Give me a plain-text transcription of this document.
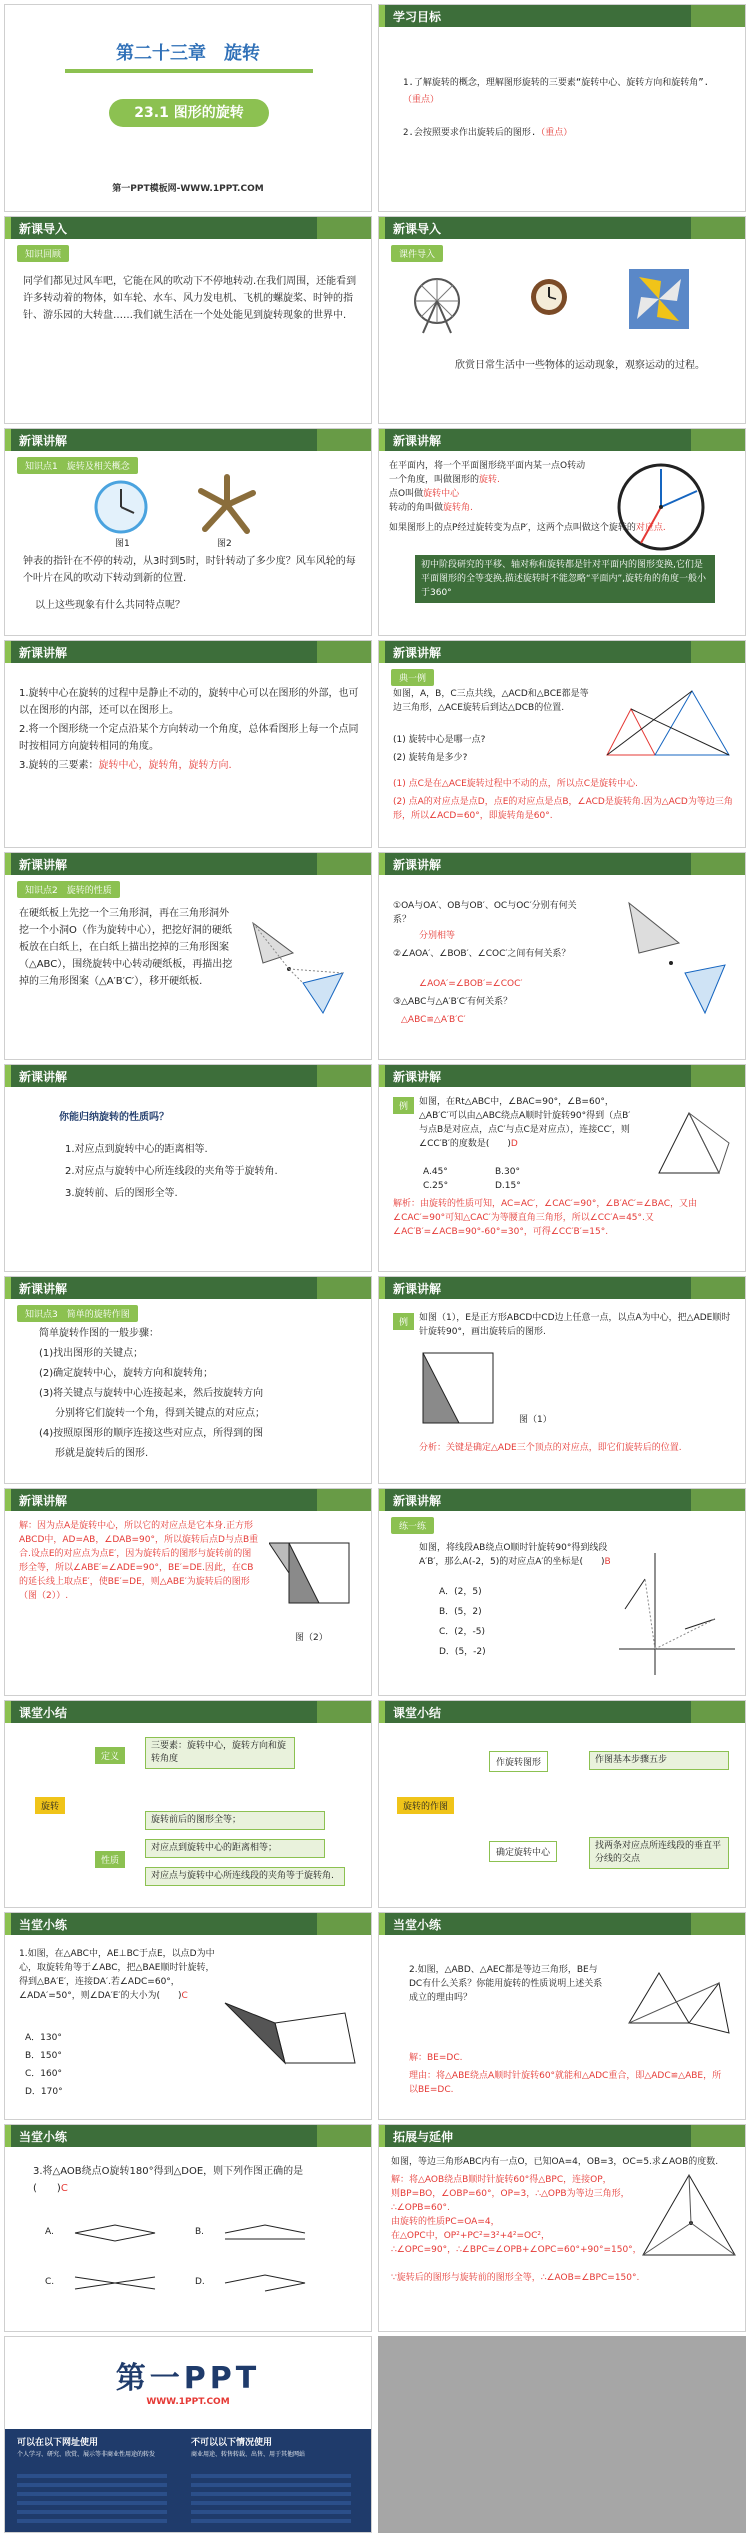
第二十三章　旋转
23.1 图形的旋转
第一PPT模板网-WWW.1PPT.COM
学习目标
1.了解旋转的概念，理解图形旋转的三要素“旋转中心、旋转方向和旋转角”.（重点）
2.会按照要求作出旋转后的图形.（重点）
新课导入
知识回顾
同学们都见过风车吧，它能在风的吹动下不停地转动.在我们周围，还能看到许多转动着的物体，如车轮、水车、风力发电机、飞机的螺旋桨、时钟的指针、游乐园的大转盘……我们就生活在一个处处能见到旋转现象的世界中.
新课导入
课件导入
欣赏日常生活中一些物体的运动现象，观察运动的过程。
新课讲解
知识点1　旋转及相关概念
图1	图2
钟表的指针在不停的转动，从3时到5时，时针转动了多少度？风车风轮的每个叶片在风的吹动下转动到新的位置.
以上这些现象有什么共同特点呢？
新课讲解
在平面内，将一个平面图形绕平面内某一点O转动一个角度，叫做图形的旋转.
点O叫做旋转中心
转动的角叫做旋转角.
如果图形上的点P经过旋转变为点P′，这两个点叫做这个旋转的对应点.
初中阶段研究的平移、轴对称和旋转都是针对平面内的图形变换,它们是平面图形的全等变换,描述旋转时不能忽略“平面内”,旋转角的角度一般小于360°
新课讲解
1.旋转中心在旋转的过程中是静止不动的，旋转中心可以在图形的外部，也可以在图形的内部，还可以在图形上。
2.将一个图形绕一个定点沿某个方向转动一个角度，总体看图形上每一个点同时按相同方向旋转相同的角度。
3.旋转的三要素：旋转中心，旋转角，旋转方向.
新课讲解
典一例
如图，A，B，C三点共线，△ACD和△BCE都是等边三角形，△ACE旋转后到达△DCB的位置.
(1) 旋转中心是哪一点?
(2) 旋转角是多少?
(1) 点C是在△ACE旋转过程中不动的点，所以点C是旋转中心.
(2) 点A的对应点是点D，点E的对应点是点B，∠ACD是旋转角.因为△ACD为等边三角形，所以∠ACD=60°，即旋转角是60°.
新课讲解
知识点2　旋转的性质
在硬纸板上先挖一个三角形洞，再在三角形洞外挖一个小洞O（作为旋转中心），把挖好洞的硬纸板放在白纸上，在白纸上描出挖掉的三角形图案（△ABC），围绕旋转中心转动硬纸板，再描出挖掉的三角形图案（△A′B′C′），移开硬纸板.
新课讲解
①OA与OA′、OB与OB′、OC与OC′分别有何关系？
分别相等
②∠AOA′、∠BOB′、∠COC′之间有何关系？
∠AOA′=∠BOB′=∠COC′
③△ABC与△A′B′C′有何关系？
△ABC≌△A′B′C′
新课讲解
你能归纳旋转的性质吗？
1.对应点到旋转中心的距离相等.
2.对应点与旋转中心所连线段的夹角等于旋转角.
3.旋转前、后的图形全等.
新课讲解
例	如图，在Rt△ABC中，∠BAC=90°，∠B=60°，△AB′C′可以由△ABC绕点A顺时针旋转90°得到（点B′与点B是对应点，点C′与点C是对应点），连接CC′，则∠CC′B′的度数是(　　)D
A.45°	B.30°
C.25°	D.15°
解析：由旋转的性质可知，AC=AC′，∠CAC′=90°，∠B′AC′=∠BAC，又由∠CAC′=90°可知△CAC′为等腰直角三角形，所以∠CC′A=45°.又∠AC′B′=∠ACB=90°-60°=30°，可得∠CC′B′=15°.
新课讲解
知识点3　简单的旋转作图
简单旋转作图的一般步骤：
(1)找出图形的关键点；
(2)确定旋转中心，旋转方向和旋转角；
(3)将关键点与旋转中心连接起来，然后按旋转方向
分别将它们旋转一个角，得到关键点的对应点；
(4)按照原图形的顺序连接这些对应点，所得到的图
形就是旋转后的图形.
新课讲解
例	如图（1），E是正方形ABCD中CD边上任意一点，以点A为中心，把△ADE顺时针旋转90°，画出旋转后的图形.
图（1）
分析：关键是确定△ADE三个顶点的对应点，即它们旋转后的位置.
新课讲解
解：因为点A是旋转中心，所以它的对应点是它本身.正方形ABCD中，AD=AB，∠DAB=90°，所以旋转后点D与点B重合.设点E的对应点为点E′，因为旋转后的图形与旋转前的图形全等，所以∠ABE′=∠ADE=90°，BE′=DE.因此，在CB的延长线上取点E′，使BE′=DE，则△ABE′为旋转后的图形（图（2））.
图（2）
新课讲解
练一练
如图，将线段AB绕点O顺时针旋转90°得到线段A′B′，那么A(-2，5)的对应点A′的坐标是(　　)B
A．(2，5)
B．(5，2)
C．(2，-5)
D．(5，-2)
课堂小结
旋转
定义
性质
三要素：旋转中心，旋转方向和旋转角度
旋转前后的图形全等；
对应点到旋转中心的距离相等；
对应点与旋转中心所连线段的夹角等于旋转角.
课堂小结
旋转的作图
作旋转图形
确定旋转中心
作图基本步骤五步
找两条对应点所连线段的垂直平分线的交点
当堂小练
1.如图，在△ABC中，AE⊥BC于点E，以点D为中心，取旋转角等于∠ABC，把△BAE顺时针旋转，得到△BA′E′，连接DA′.若∠ADC=60°，∠ADA′=50°，则∠DA′E′的大小为(　　)C
A．130°
B．150°
C．160°
D．170°
当堂小练
2.如图，△ABD、△AEC都是等边三角形，BE与DC有什么关系？你能用旋转的性质说明上述关系成立的理由吗？
解：BE=DC.
理由：将△ABE绕点A顺时针旋转60°就能和△ADC重合，即△ADC≌△ABE，所以BE=DC.
当堂小练
3.将△AOB绕点O旋转180°得到△DOE，则下列作图正确的是(　　)C
A.	B.
C.	D.
拓展与延伸
如图，等边三角形ABC内有一点O，已知OA=4，OB=3，OC=5.求∠AOB的度数.
解：将△AOB绕点B顺时针旋转60°得△BPC，连接OP，
则BP=BO，∠OBP=60°，OP=3，∴△OPB为等边三角形，
∴∠OPB=60°.
由旋转的性质PC=OA=4，
在△OPC中，OP²+PC²=3²+4²=OC²，
∴∠OPC=90°，∴∠BPC=∠OPB+∠OPC=60°+90°=150°，
∵旋转后的图形与旋转前的图形全等，∴∠AOB=∠BPC=150°.
第一PPT
WWW.1PPT.COM
可以在以下网址使用
个人学习、研究、欣赏、展示等非商业性用途的转发
不可以以下情况使用
商业用途、转售转载、出售、用于其他网站
